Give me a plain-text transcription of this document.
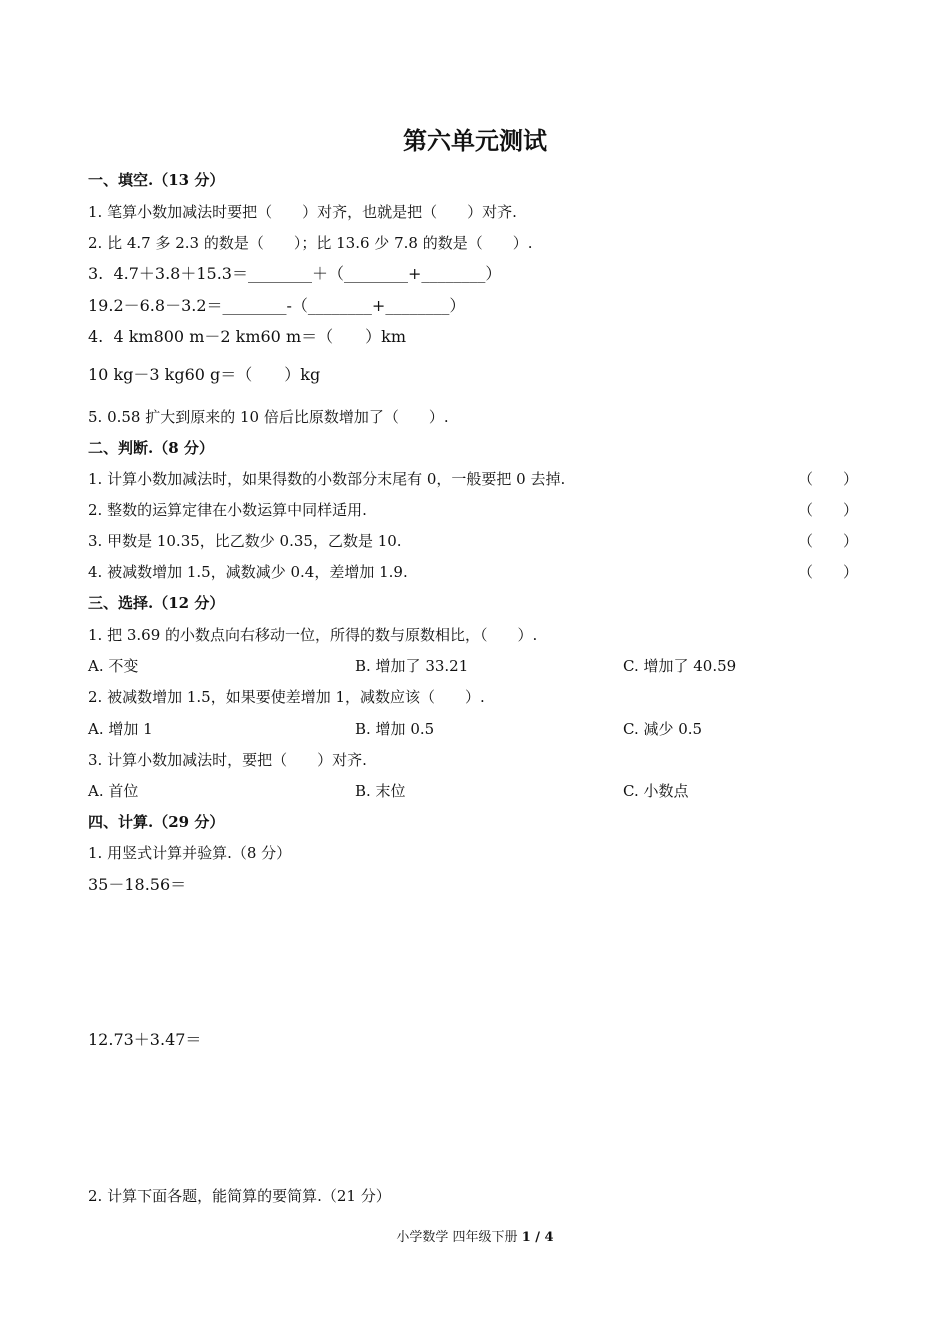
第六单元测试
一、填空.（13 分）
1. 笔算小数加减法时要把（　　）对齐，也就是把（　　）对齐.
2. 比 4.7 多 2.3 的数是（　　）；比 13.6 少 7.8 的数是（　　）.
3.  4.7＋3.8＋15.3＝________＋（________+________）
19.2－6.8－3.2＝________-（________+________）
4.  4 km800 m－2 km60 m＝（　　）km
10 kg－3 kg60 g＝（　　）kg
5. 0.58 扩大到原来的 10 倍后比原数增加了（　　）.
二、判断.（8 分）
1. 计算小数加减法时，如果得数的小数部分末尾有 0，一般要把 0 去掉.	（　　）
2. 整数的运算定律在小数运算中同样适用.	（　　）
3. 甲数是 10.35，比乙数少 0.35，乙数是 10.	（　　）
4. 被减数增加 1.5，减数减少 0.4，差增加 1.9.	（　　）
三、选择.（12 分）
1. 把 3.69 的小数点向右移动一位，所得的数与原数相比，（　　）.
A. 不变	B. 增加了 33.21	C. 增加了 40.59
2. 被减数增加 1.5，如果要使差增加 1，减数应该（　　）.
A. 增加 1	B. 增加 0.5	C. 减少 0.5
3. 计算小数加减法时，要把（　　）对齐.
A. 首位	B. 末位	C. 小数点
四、计算.（29 分）
1. 用竖式计算并验算.（8 分）
35－18.56＝
12.73＋3.47＝
2. 计算下面各题，能简算的要简算.（21 分）
小学数学 四年级下册 1 / 4
